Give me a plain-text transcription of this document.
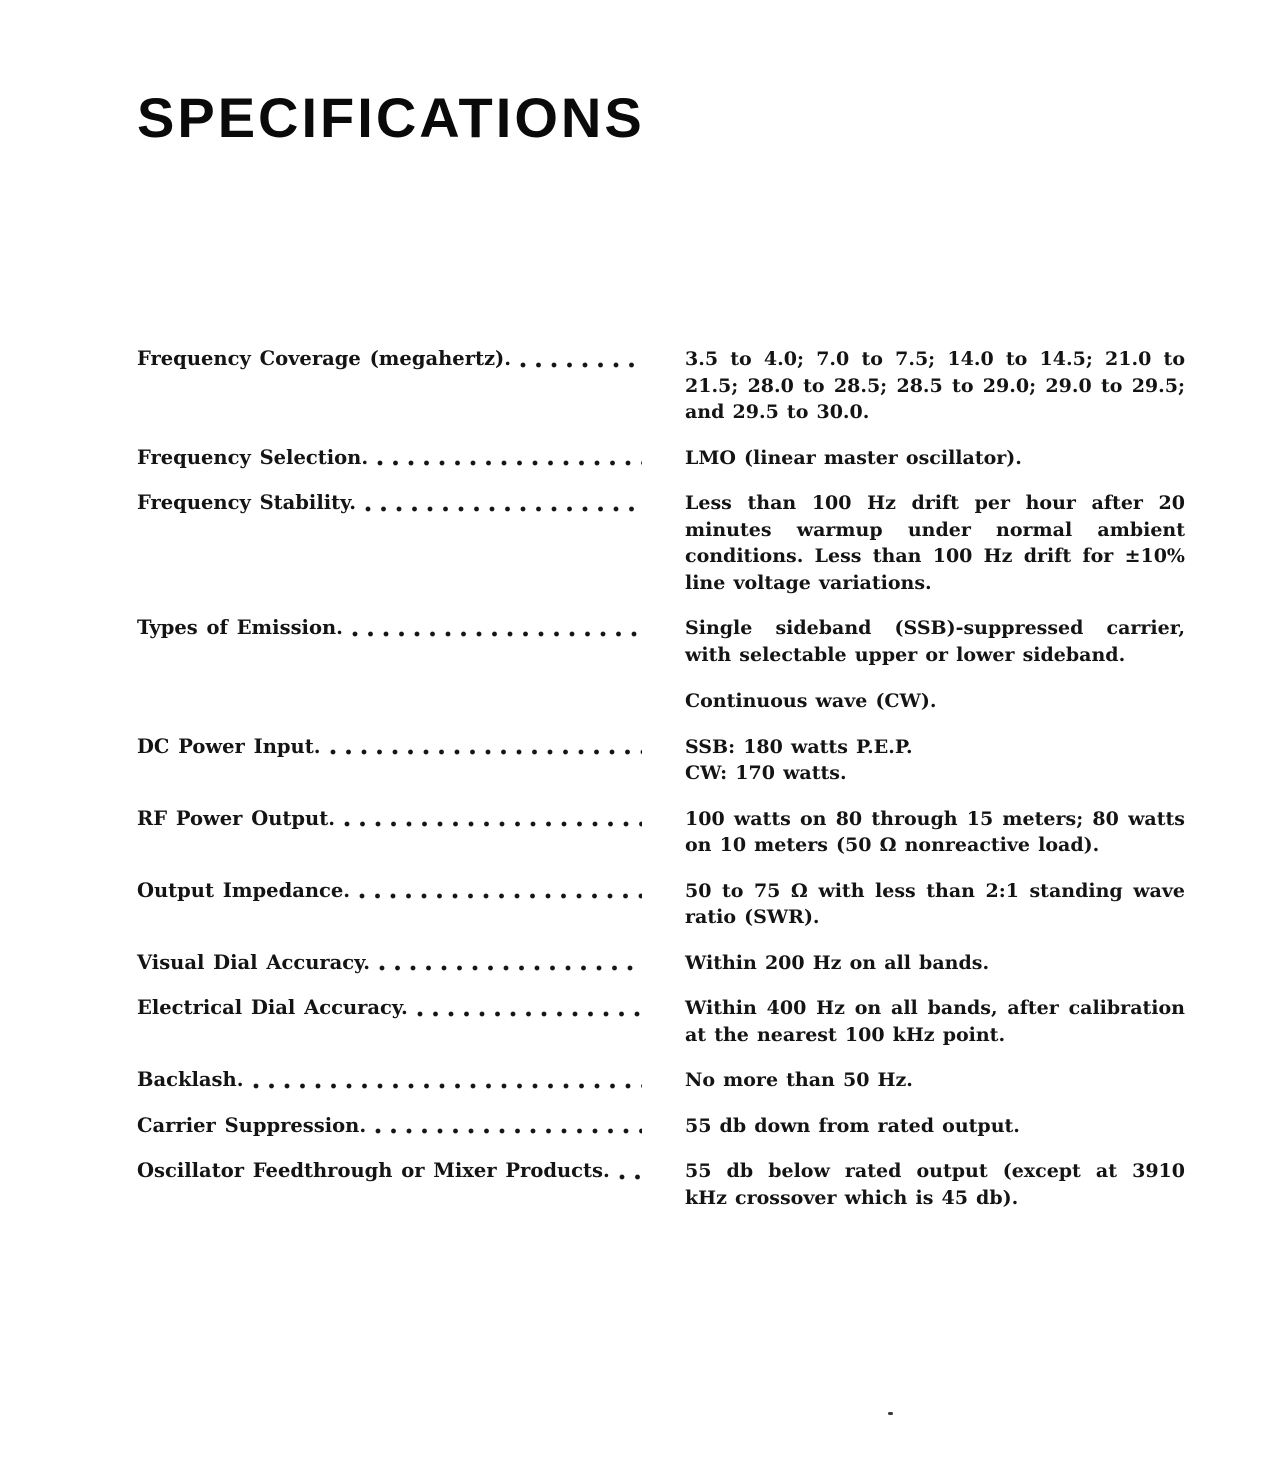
SPECIFICATIONS
Frequency Coverage (megahertz).	3.5 to 4.0; 7.0 to 7.5; 14.0 to 14.5; 21.0 to 21.5; 28.0 to 28.5; 28.5 to 29.0; 29.0 to 29.5; and 29.5 to 30.0.

Frequency Selection.	LMO (linear master oscillator).

Frequency Stability.	Less than 100 Hz drift per hour after 20 minutes warmup under normal ambient conditions. Less than 100 Hz drift for ±10% line voltage variations.

Types of Emission.	Single sideband (SSB)-suppressed carrier, with selectable upper or lower sideband.

Continuous wave (CW).

DC Power Input.	SSB: 180 watts P.E.P.
CW: 170 watts.

RF Power Output.	100 watts on 80 through 15 meters; 80 watts on 10 meters (50 Ω nonreactive load).

Output Impedance.	50 to 75 Ω with less than 2:1 standing wave ratio (SWR).

Visual Dial Accuracy.	Within 200 Hz on all bands.

Electrical Dial Accuracy.	Within 400 Hz on all bands, after calibration at the nearest 100 kHz point.

Backlash.	No more than 50 Hz.

Carrier Suppression.	55 db down from rated output.

Oscillator Feedthrough or Mixer Products.	55 db below rated output (except at 3910 kHz crossover which is 45 db).
